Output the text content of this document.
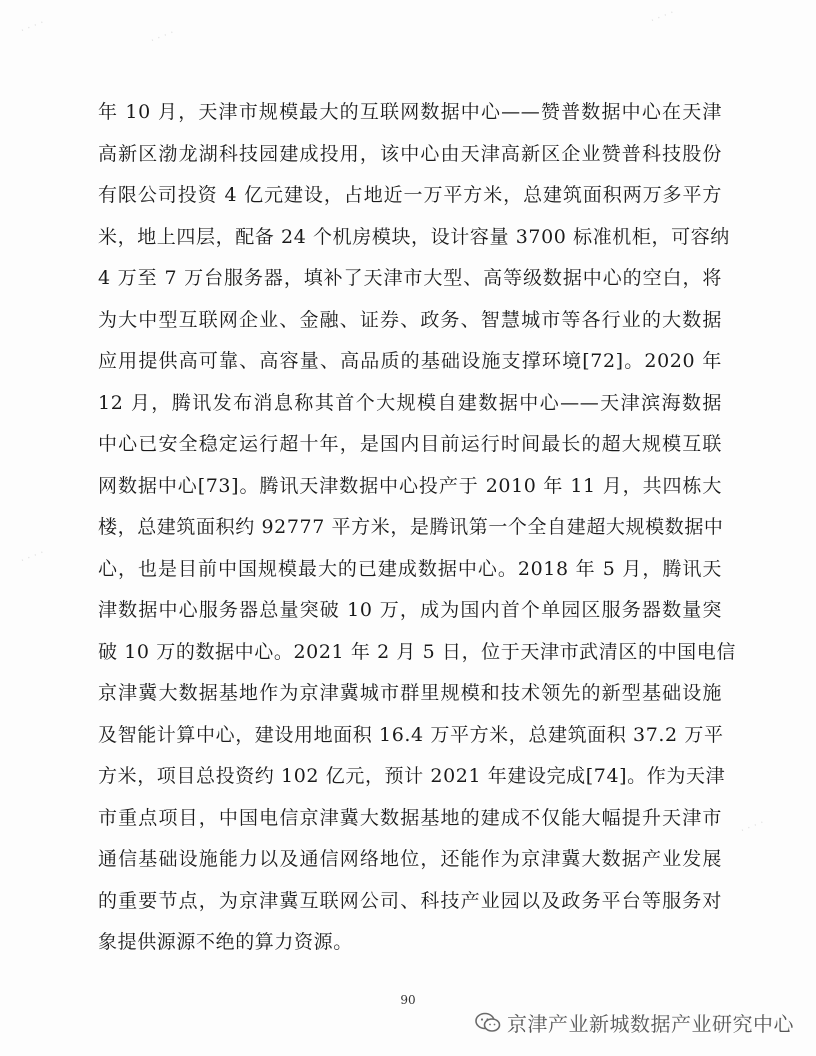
· · · ·	· · · ·
· · · ·
· · · ·
· · · ·
年 10 月，天津市规模最大的互联网数据中心——赞普数据中心在天津
高新区渤龙湖科技园建成投用，该中心由天津高新区企业赞普科技股份
有限公司投资 4 亿元建设，占地近一万平方米，总建筑面积两万多平方
米，地上四层，配备 24 个机房模块，设计容量 3700 标准机柜，可容纳
4 万至 7 万台服务器，填补了天津市大型、高等级数据中心的空白，将
为大中型互联网企业、金融、证券、政务、智慧城市等各行业的大数据
应用提供高可靠、高容量、高品质的基础设施支撑环境[72]。2020 年
12 月，腾讯发布消息称其首个大规模自建数据中心——天津滨海数据
中心已安全稳定运行超十年，是国内目前运行时间最长的超大规模互联
网数据中心[73]。腾讯天津数据中心投产于 2010 年 11 月，共四栋大
楼，总建筑面积约 92777 平方米，是腾讯第一个全自建超大规模数据中
心，也是目前中国规模最大的已建成数据中心。2018 年 5 月，腾讯天
津数据中心服务器总量突破 10 万，成为国内首个单园区服务器数量突
破 10 万的数据中心。2021 年 2 月 5 日，位于天津市武清区的中国电信
京津冀大数据基地作为京津冀城市群里规模和技术领先的新型基础设施
及智能计算中心，建设用地面积 16.4 万平方米，总建筑面积 37.2 万平
方米，项目总投资约 102 亿元，预计 2021 年建设完成[74]。作为天津
市重点项目，中国电信京津冀大数据基地的建成不仅能大幅提升天津市
通信基础设施能力以及通信网络地位，还能作为京津冀大数据产业发展
的重要节点，为京津冀互联网公司、科技产业园以及政务平台等服务对
象提供源源不绝的算力资源。
90
京津产业新城数据产业研究中心
